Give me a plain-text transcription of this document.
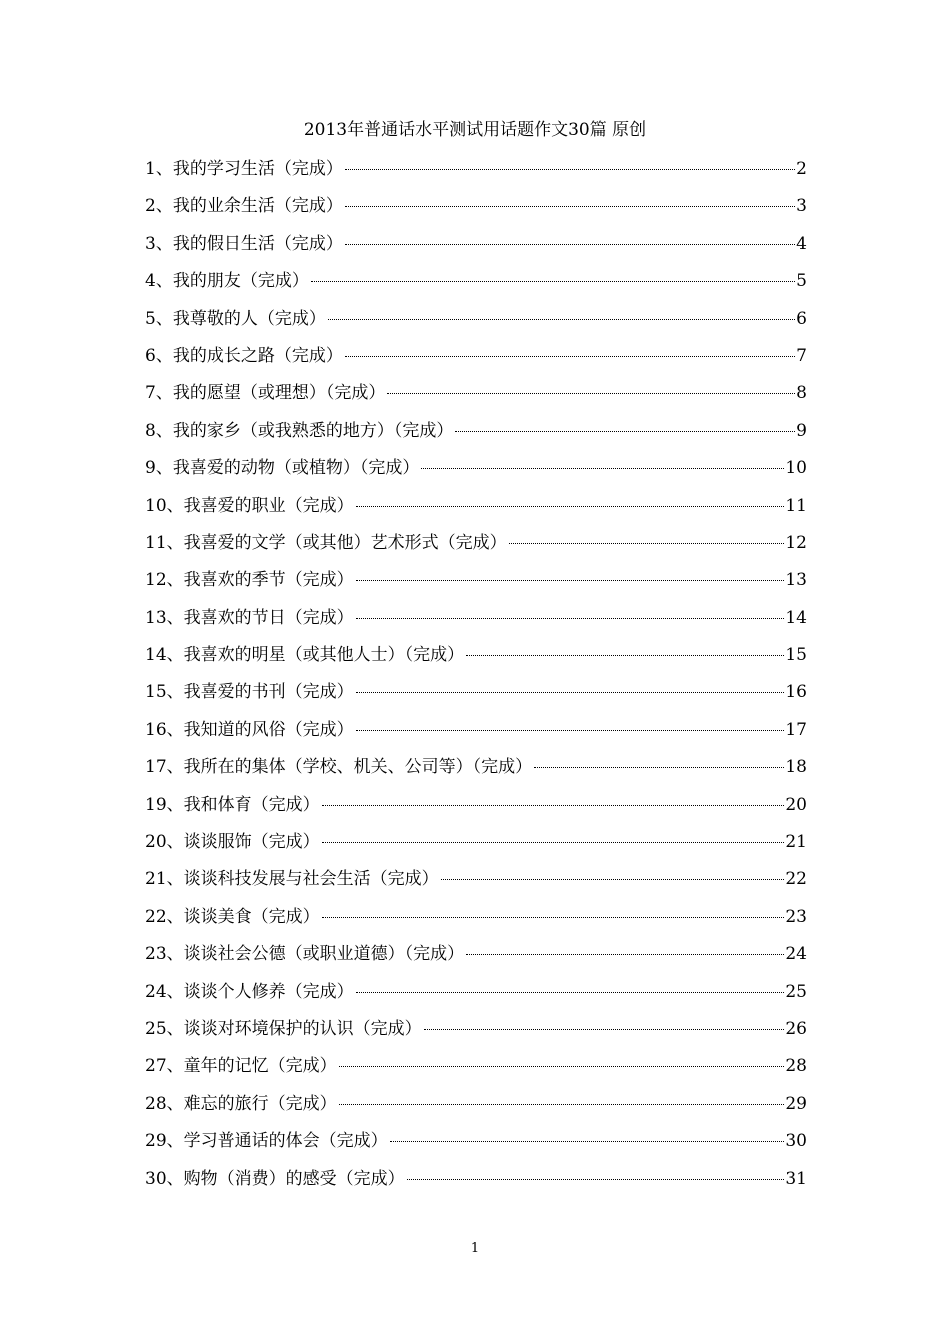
2013年普通话水平测试用话题作文30篇 原创
1、我的学习生活（完成）	2
2、我的业余生活（完成）	3
3、我的假日生活（完成）	4
4、我的朋友（完成）	5
5、我尊敬的人（完成）	6
6、我的成长之路（完成）	7
7、我的愿望（或理想）（完成）	8
8、我的家乡（或我熟悉的地方）（完成）	9
9、我喜爱的动物（或植物）（完成）	10
10、我喜爱的职业（完成）	11
11、我喜爱的文学（或其他）艺术形式（完成）	12
12、我喜欢的季节（完成）	13
13、我喜欢的节日（完成）	14
14、我喜欢的明星（或其他人士）（完成）	15
15、我喜爱的书刊（完成）	16
16、我知道的风俗（完成）	17
17、我所在的集体（学校、机关、公司等）（完成）	18
19、我和体育（完成）	20
20、谈谈服饰（完成）	21
21、谈谈科技发展与社会生活（完成）	22
22、谈谈美食（完成）	23
23、谈谈社会公德（或职业道德）（完成）	24
24、谈谈个人修养（完成）	25
25、谈谈对环境保护的认识（完成）	26
27、童年的记忆（完成）	28
28、难忘的旅行（完成）	29
29、学习普通话的体会（完成）	30
30、购物（消费）的感受（完成）	31
1
